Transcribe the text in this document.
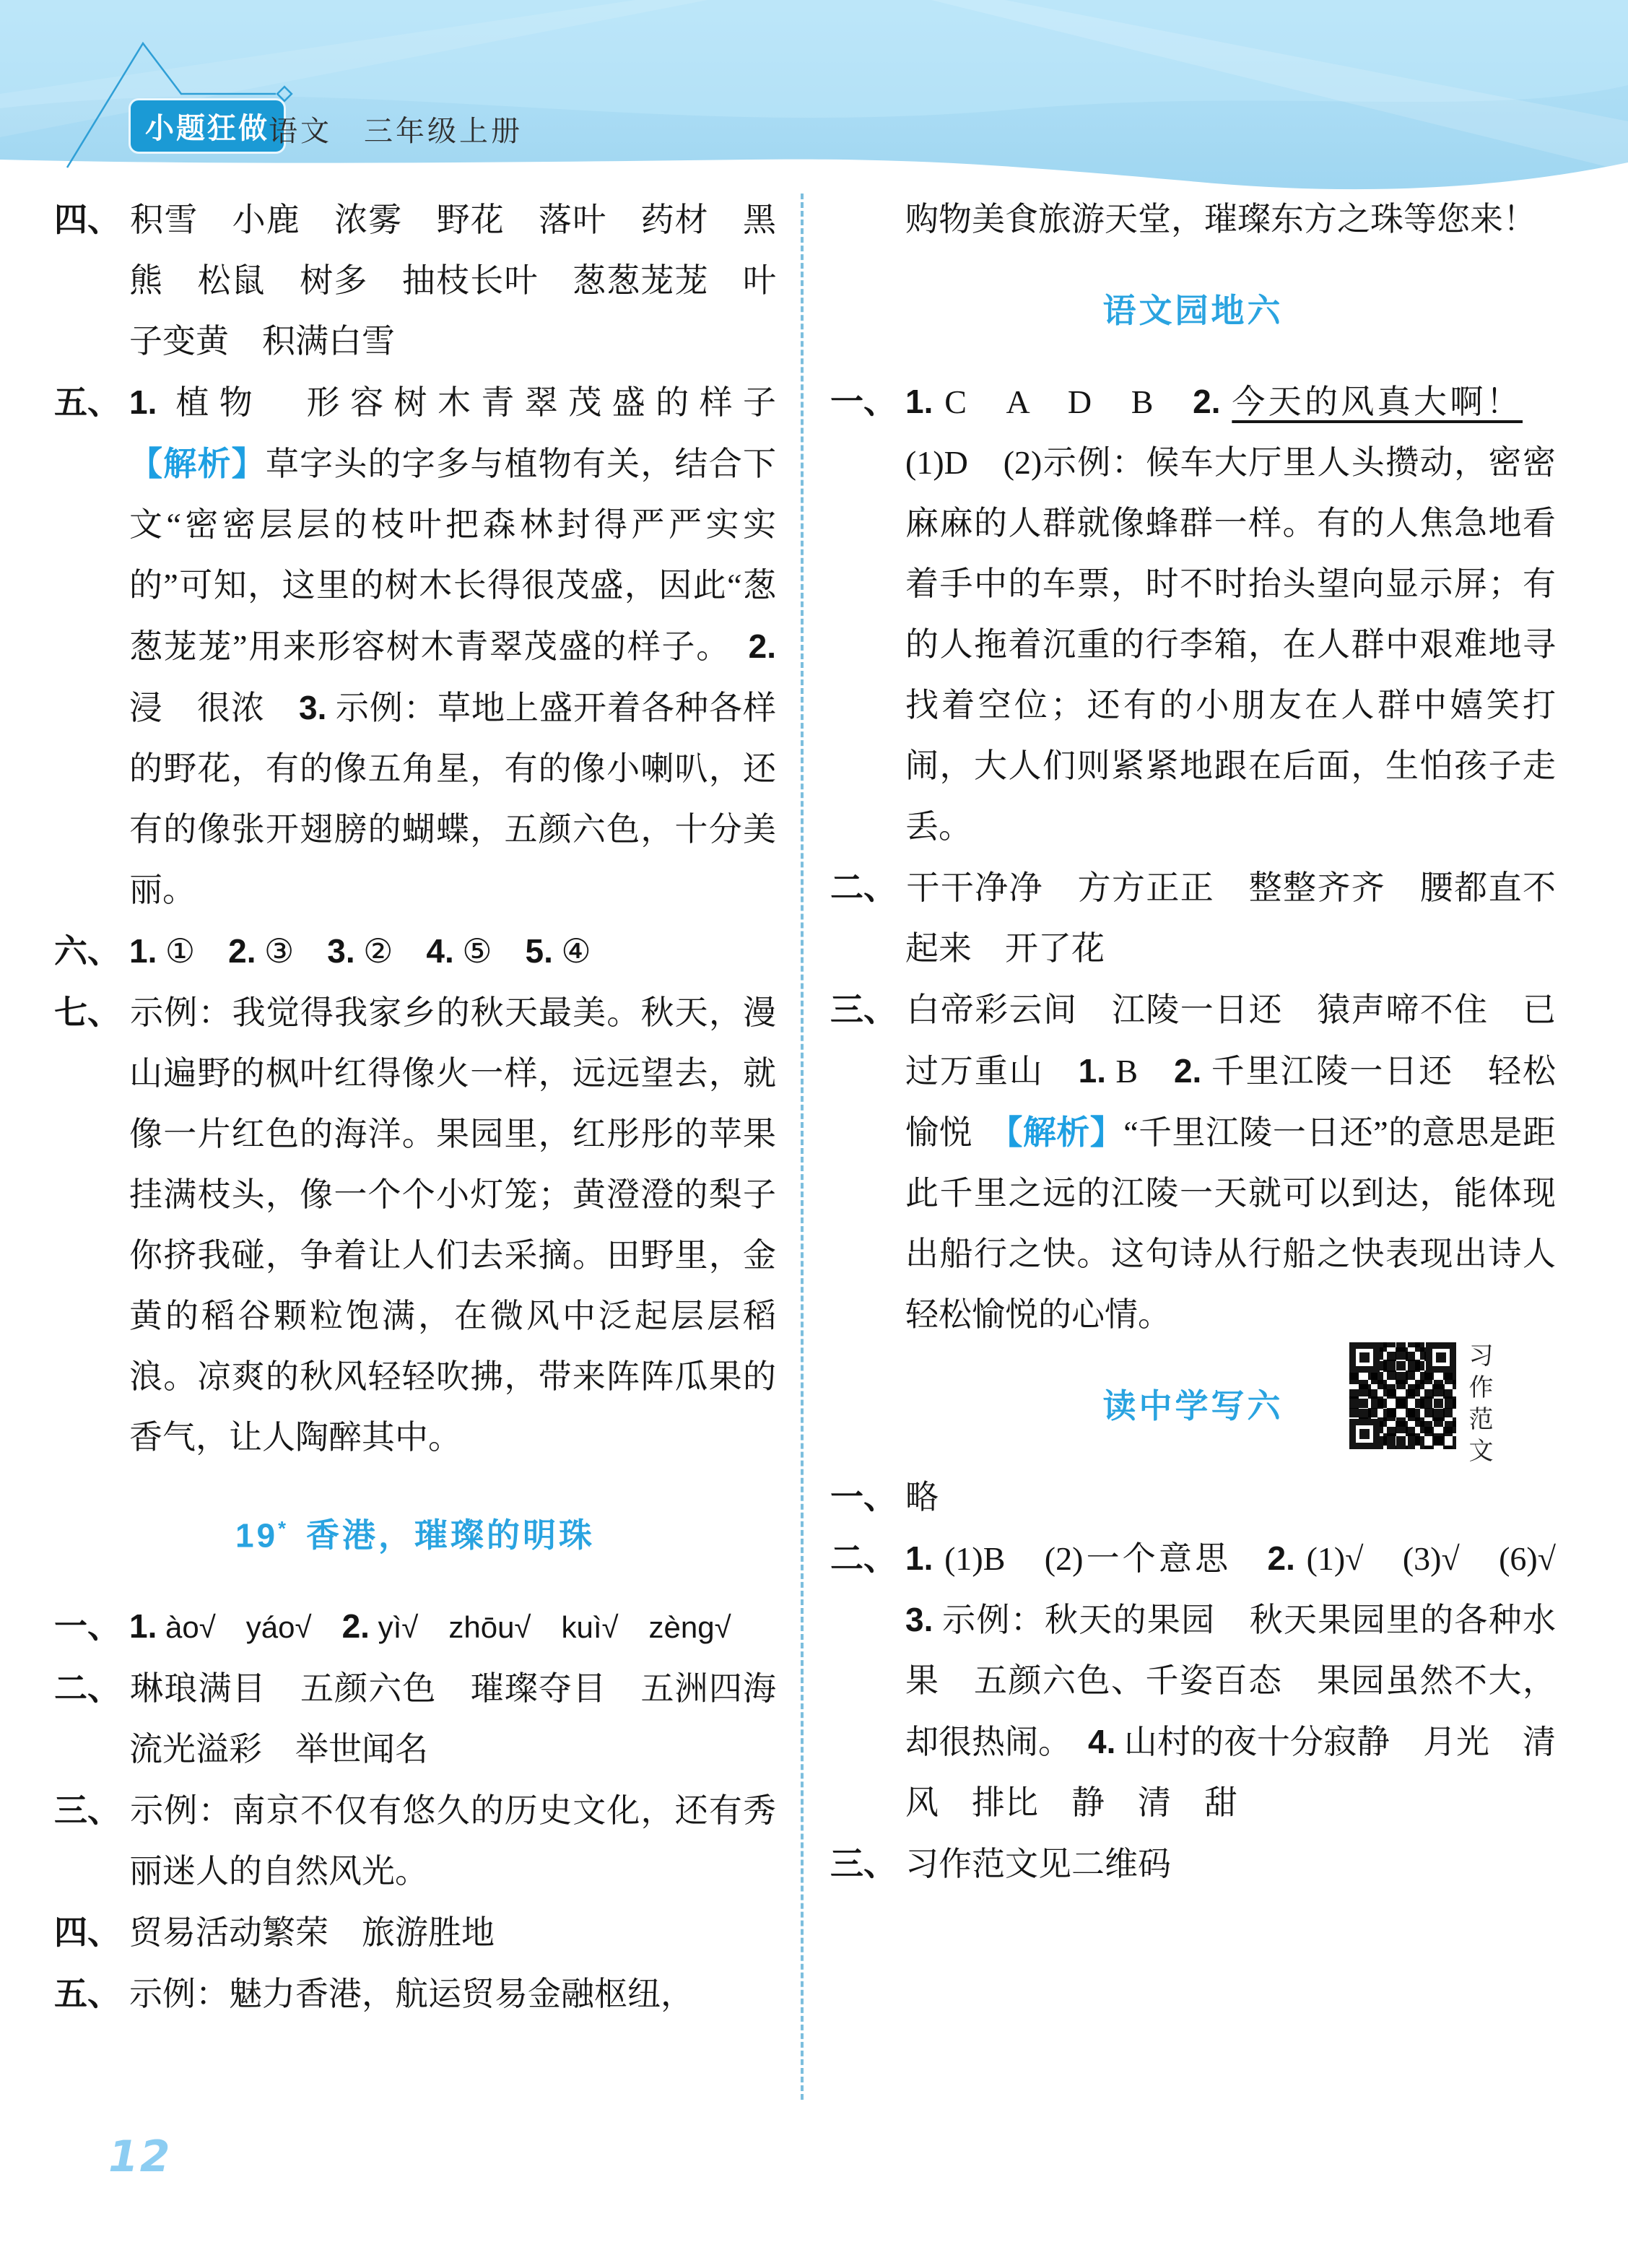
小题狂做 语文　三年级上册
四、 积雪　小鹿　浓雾　野花　落叶　药材　黑熊　松鼠　树多　抽枝长叶　葱葱茏茏　叶子变黄　积满白雪
五、 1. 植物　形容树木青翠茂盛的样子　【解析】草字头的字多与植物有关，结合下文“密密层层的枝叶把森林封得严严实实的”可知，这里的树木长得很茂盛，因此“葱葱茏茏”用来形容树木青翠茂盛的样子。　2. 浸　很浓　3. 示例：草地上盛开着各种各样的野花，有的像五角星，有的像小喇叭，还有的像张开翅膀的蝴蝶，五颜六色，十分美丽。
六、 1. ①　2. ③　3. ②　4. ⑤　5. ④
七、 示例：我觉得我家乡的秋天最美。秋天，漫山遍野的枫叶红得像火一样，远远望去，就像一片红色的海洋。果园里，红彤彤的苹果挂满枝头，像一个个小灯笼；黄澄澄的梨子你挤我碰，争着让人们去采摘。田野里，金黄的稻谷颗粒饱满，在微风中泛起层层稻浪。凉爽的秋风轻轻吹拂，带来阵阵瓜果的香气，让人陶醉其中。
19* 香港，璀璨的明珠
一、 1. ào√　yáo√　2. yì√　zhōu√　kuì√　zèng√
二、 琳琅满目　五颜六色　璀璨夺目　五洲四海　流光溢彩　举世闻名
三、 示例：南京不仅有悠久的历史文化，还有秀丽迷人的自然风光。
四、 贸易活动繁荣　旅游胜地
五、 示例：魅力香港，航运贸易金融枢纽，
购物美食旅游天堂，璀璨东方之珠等您来！
语文园地六
一、 1. C　A　D　B　2. 今天的风真大啊！　(1)D　(2)示例：候车大厅里人头攒动，密密麻麻的人群就像蜂群一样。有的人焦急地看着手中的车票，时不时抬头望向显示屏；有的人拖着沉重的行李箱，在人群中艰难地寻找着空位；还有的小朋友在人群中嬉笑打闹，大人们则紧紧地跟在后面，生怕孩子走丢。
二、 干干净净　方方正正　整整齐齐　腰都直不起来　开了花
三、 白帝彩云间　江陵一日还　猿声啼不住　已过万重山　1. B　2. 千里江陵一日还　轻松愉悦　【解析】“千里江陵一日还”的意思是距此千里之远的江陵一天就可以到达，能体现出船行之快。这句诗从行船之快表现出诗人轻松愉悦的心情。
读中学写六	习作范文
一、 略
二、 1. (1)B　(2)一个意思　2. (1)√　(3)√　(6)√　3. 示例：秋天的果园　秋天果园里的各种水果　五颜六色、千姿百态　果园虽然不大，却很热闹。　4. 山村的夜十分寂静　月光　清风　排比　静　清　甜
三、 习作范文见二维码
12
